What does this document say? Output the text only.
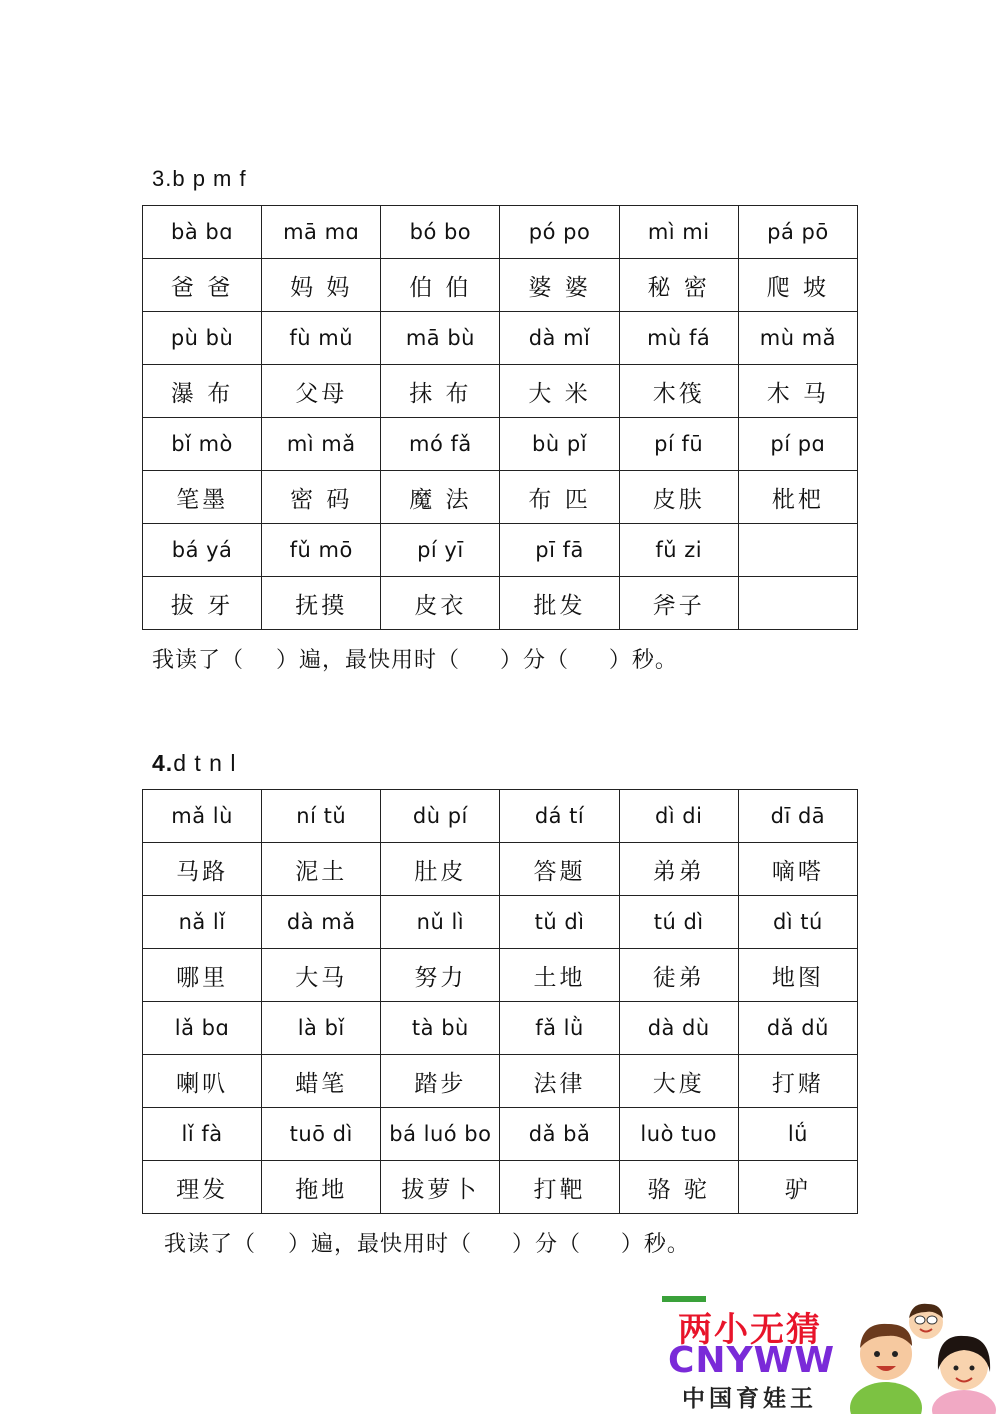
3.b p m f
bà bɑ	mā mɑ	bó bo	pó po	mì mi	pá pō
爸 爸	妈 妈	伯 伯	婆 婆	秘 密	爬 坡
pù bù	fù mǔ	mā bù	dà mǐ	mù fá	mù mǎ
瀑 布	父母	抹 布	大 米	木筏	木 马
bǐ mò	mì mǎ	mó fǎ	bù pǐ	pí fū	pí pɑ
笔墨	密 码	魔 法	布 匹	皮肤	枇杷
bá yá	fǔ mō	pí yī	pī fā	fǔ zi	
拔 牙	抚摸	皮衣	批发	斧子	
我读了（    ）遍，最快用时（     ）分（     ）秒。
4.d t n l
mǎ lù	ní tǔ	dù pí	dá tí	dì di	dī dā
马路	泥土	肚皮	答题	弟弟	嘀嗒
nǎ lǐ	dà mǎ	nǔ lì	tǔ dì	tú dì	dì tú
哪里	大马	努力	土地	徒弟	地图
lǎ bɑ	là bǐ	tà bù	fǎ lǜ	dà dù	dǎ dǔ
喇叭	蜡笔	踏步	法律	大度	打赌
lǐ fà	tuō dì	bá luó bo	dǎ bǎ	luò tuo	lǘ
理发	拖地	拔萝卜	打靶	骆 驼	驴
我读了（    ）遍，最快用时（     ）分（     ）秒。
两小无猜
CNYWW
中国育娃王
